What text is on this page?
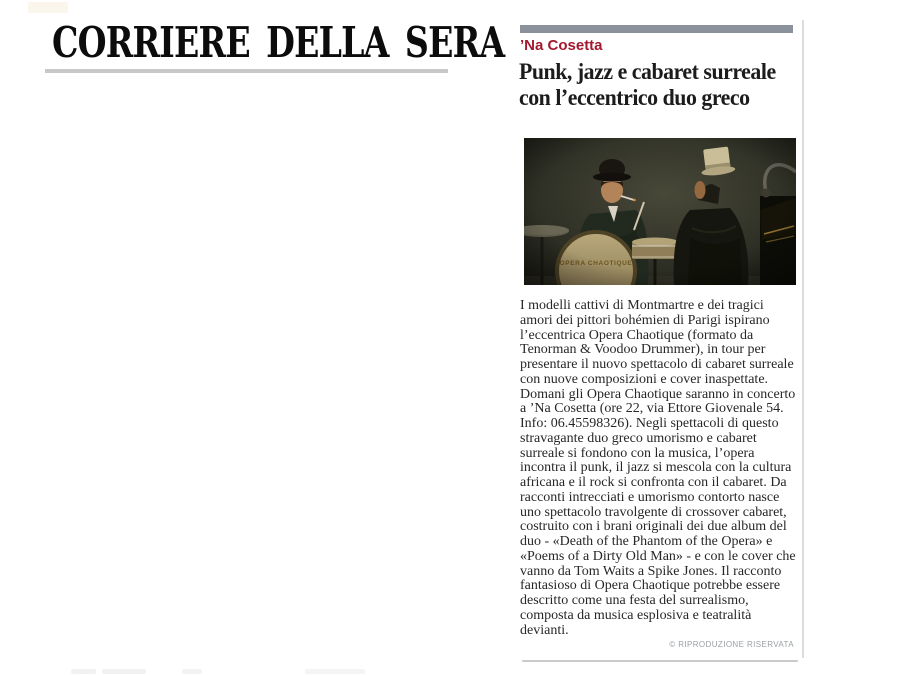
CORRIERE DELLA SERA ’Na Cosetta
Punk, jazz e cabaret surreale
con l’eccentrico duo greco
I modelli cattivi di Montmartre e dei tragici amori dei pittori bohémien di Parigi ispirano l’eccentrica Opera Chaotique (formato da Tenorman & Voodoo Drummer), in tour per presentare il nuovo spettacolo di cabaret surreale con nuove composizioni e cover inaspettate. Domani gli Opera Chaotique saranno in concerto a ’Na Cosetta (ore 22, via Ettore Giovenale 54. Info: 06.45598326). Negli spettacoli di questo stravagante duo greco umorismo e cabaret surreale si fondono con la musica, l’opera incontra il punk, il jazz si mescola con la cultura africana e il rock si confronta con il cabaret. Da racconti intrecciati e umorismo contorto nasce uno spettacolo travolgente di crossover cabaret, costruito con i brani originali dei due album del duo - «Death of the Phantom of the Opera» e «Poems of a Dirty Old Man» - e con le cover che vanno da Tom Waits a Spike Jones. Il racconto fantasioso di Opera Chaotique potrebbe essere descritto come una festa del surrealismo, composta da musica esplosiva e teatralità devianti.
© RIPRODUZIONE RISERVATA
